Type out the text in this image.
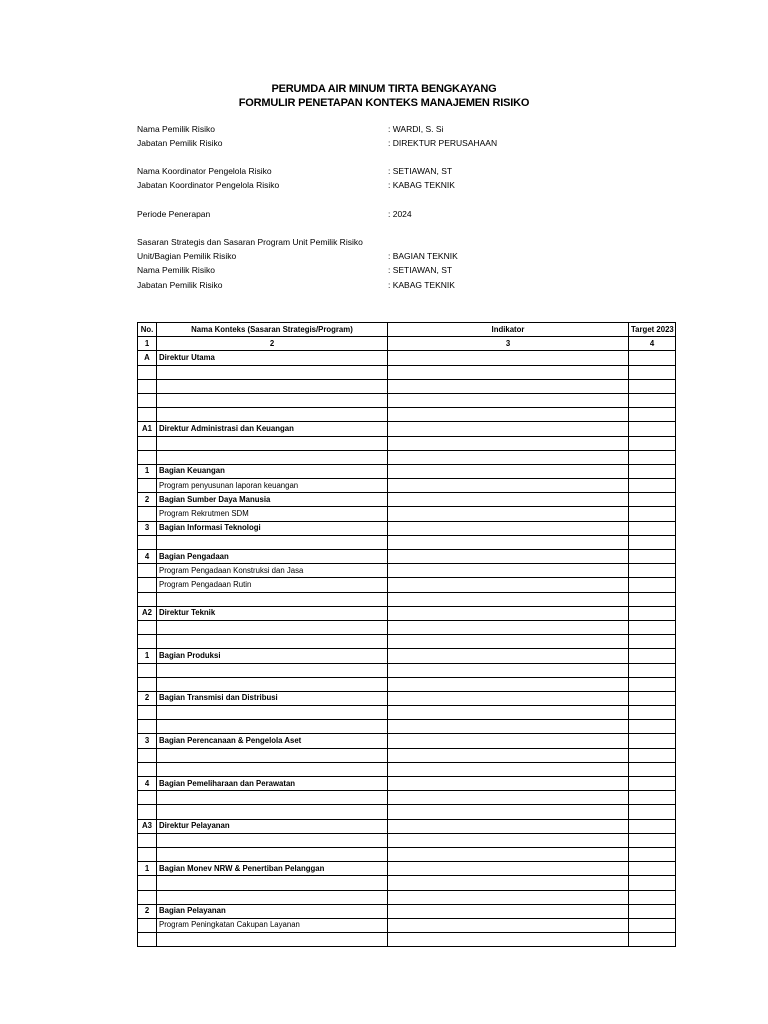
PERUMDA AIR MINUM TIRTA BENGKAYANG
FORMULIR PENETAPAN KONTEKS MANAJEMEN RISIKO
Nama Pemilik Risiko	: WARDI, S. Si
Jabatan Pemilik Risiko	: DIREKTUR PERUSAHAAN
Nama Koordinator Pengelola Risiko	: SETIAWAN, ST
Jabatan Koordinator Pengelola Risiko	: KABAG TEKNIK
Periode Penerapan	: 2024
Sasaran Strategis dan Sasaran Program Unit Pemilik Risiko
Unit/Bagian Pemilik Risiko	: BAGIAN TEKNIK
Nama Pemilik Risiko	: SETIAWAN, ST
Jabatan Pemilik Risiko	: KABAG TEKNIK
No.	Nama Konteks (Sasaran Strategis/Program)	Indikator	Target 2023
1	2	3	4
A	Direktur Utama		

A1	Direktur Administrasi dan Keuangan		

1	Bagian Keuangan		
	Program penyusunan laporan keuangan		
2	Bagian Sumber Daya Manusia		
	Program Rekrutmen SDM		
3	Bagian Informasi Teknologi		

4	Bagian Pengadaan		
	Program Pengadaan Konstruksi dan Jasa		
	Program Pengadaan Rutin		

A2	Direktur Teknik		

1	Bagian Produksi		

2	Bagian Transmisi dan Distribusi		

3	Bagian Perencanaan & Pengelola Aset		

4	Bagian Pemeliharaan dan Perawatan		

A3	Direktur Pelayanan		

1	Bagian Monev NRW & Penertiban Pelanggan		

2	Bagian Pelayanan		
	Program Peningkatan Cakupan Layanan		
